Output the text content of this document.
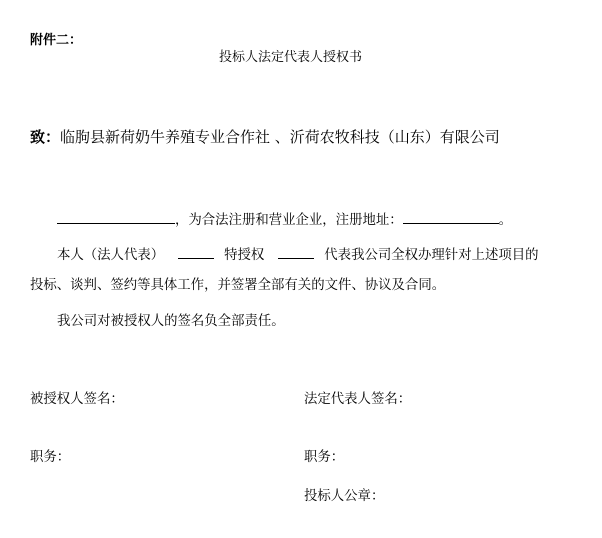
附件二：
投标人法定代表人授权书
致：临朐县新荷奶牛养殖专业合作社 、沂荷农牧科技（山东）有限公司
，为合法注册和营业企业，注册地址：	。
本人（法人代表）	特授权	代表我公司全权办理针对上述项目的
投标、谈判、签约等具体工作，并签署全部有关的文件、协议及合同。
我公司对被授权人的签名负全部责任。
被授权人签名：	法定代表人签名：
职务：	职务：
投标人公章：
